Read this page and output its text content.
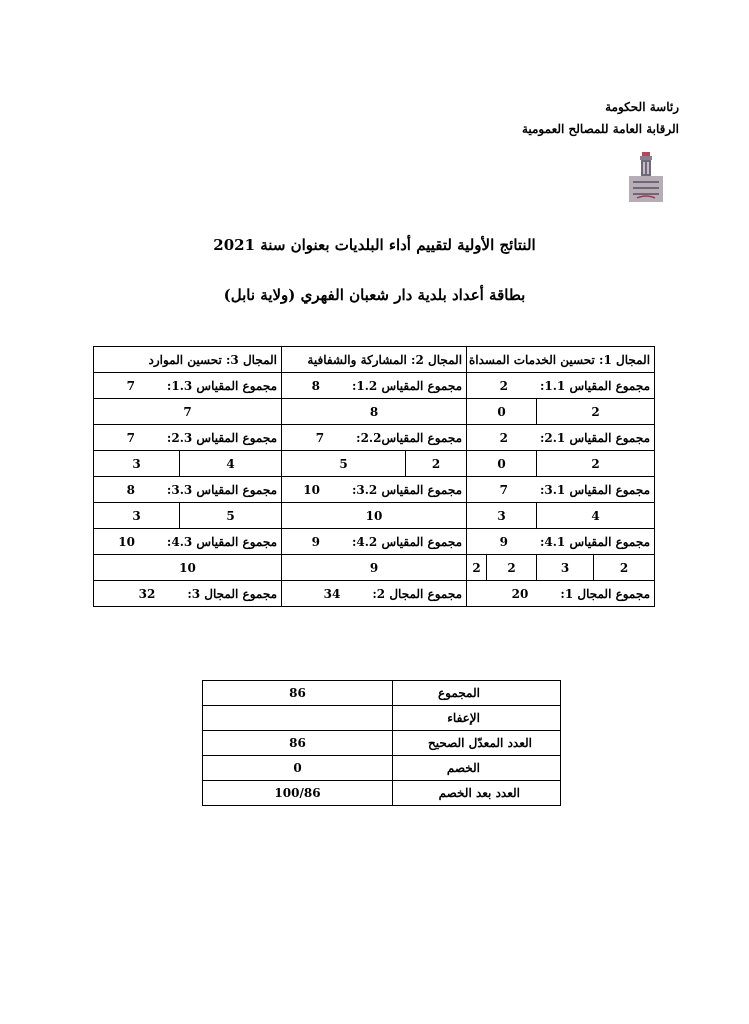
رئاسة الحكومة
الرقابة العامة للمصالح العمومية
النتائج الأولية لتقييم أداء البلديات بعنوان سنة 2021
بطاقة أعداد بلدية دار شعبان الفهري (ولاية نابل)
المجال 1: تحسين الخدمات المسداة				المجال 2: المشاركة والشفافية		المجال 3: تحسين الموارد	
مجموع المقياس 1.1:2				مجموع المقياس 1.2:8		مجموع المقياس 1.3:7	
2		0		8		7	
مجموع المقياس 2.1:2				مجموع المقياس2.2:7		مجموع المقياس 2.3:7	
2		0		2	5	4	3
مجموع المقياس 3.1:7				مجموع المقياس 3.2:10		مجموع المقياس 3.3:8	
4		3		10		5	3
مجموع المقياس 4.1:9				مجموع المقياس 4.2:9		مجموع المقياس 4.3:10	
2	3	2	2	9		10	
مجموع المجال 1:20				مجموع المجال 2:34		مجموع المجال 3:32	
المجموع	86
الإعفاء	
العدد المعدّل الصحيح	86
الخصم	0
العدد بعد الخصم	100/86
